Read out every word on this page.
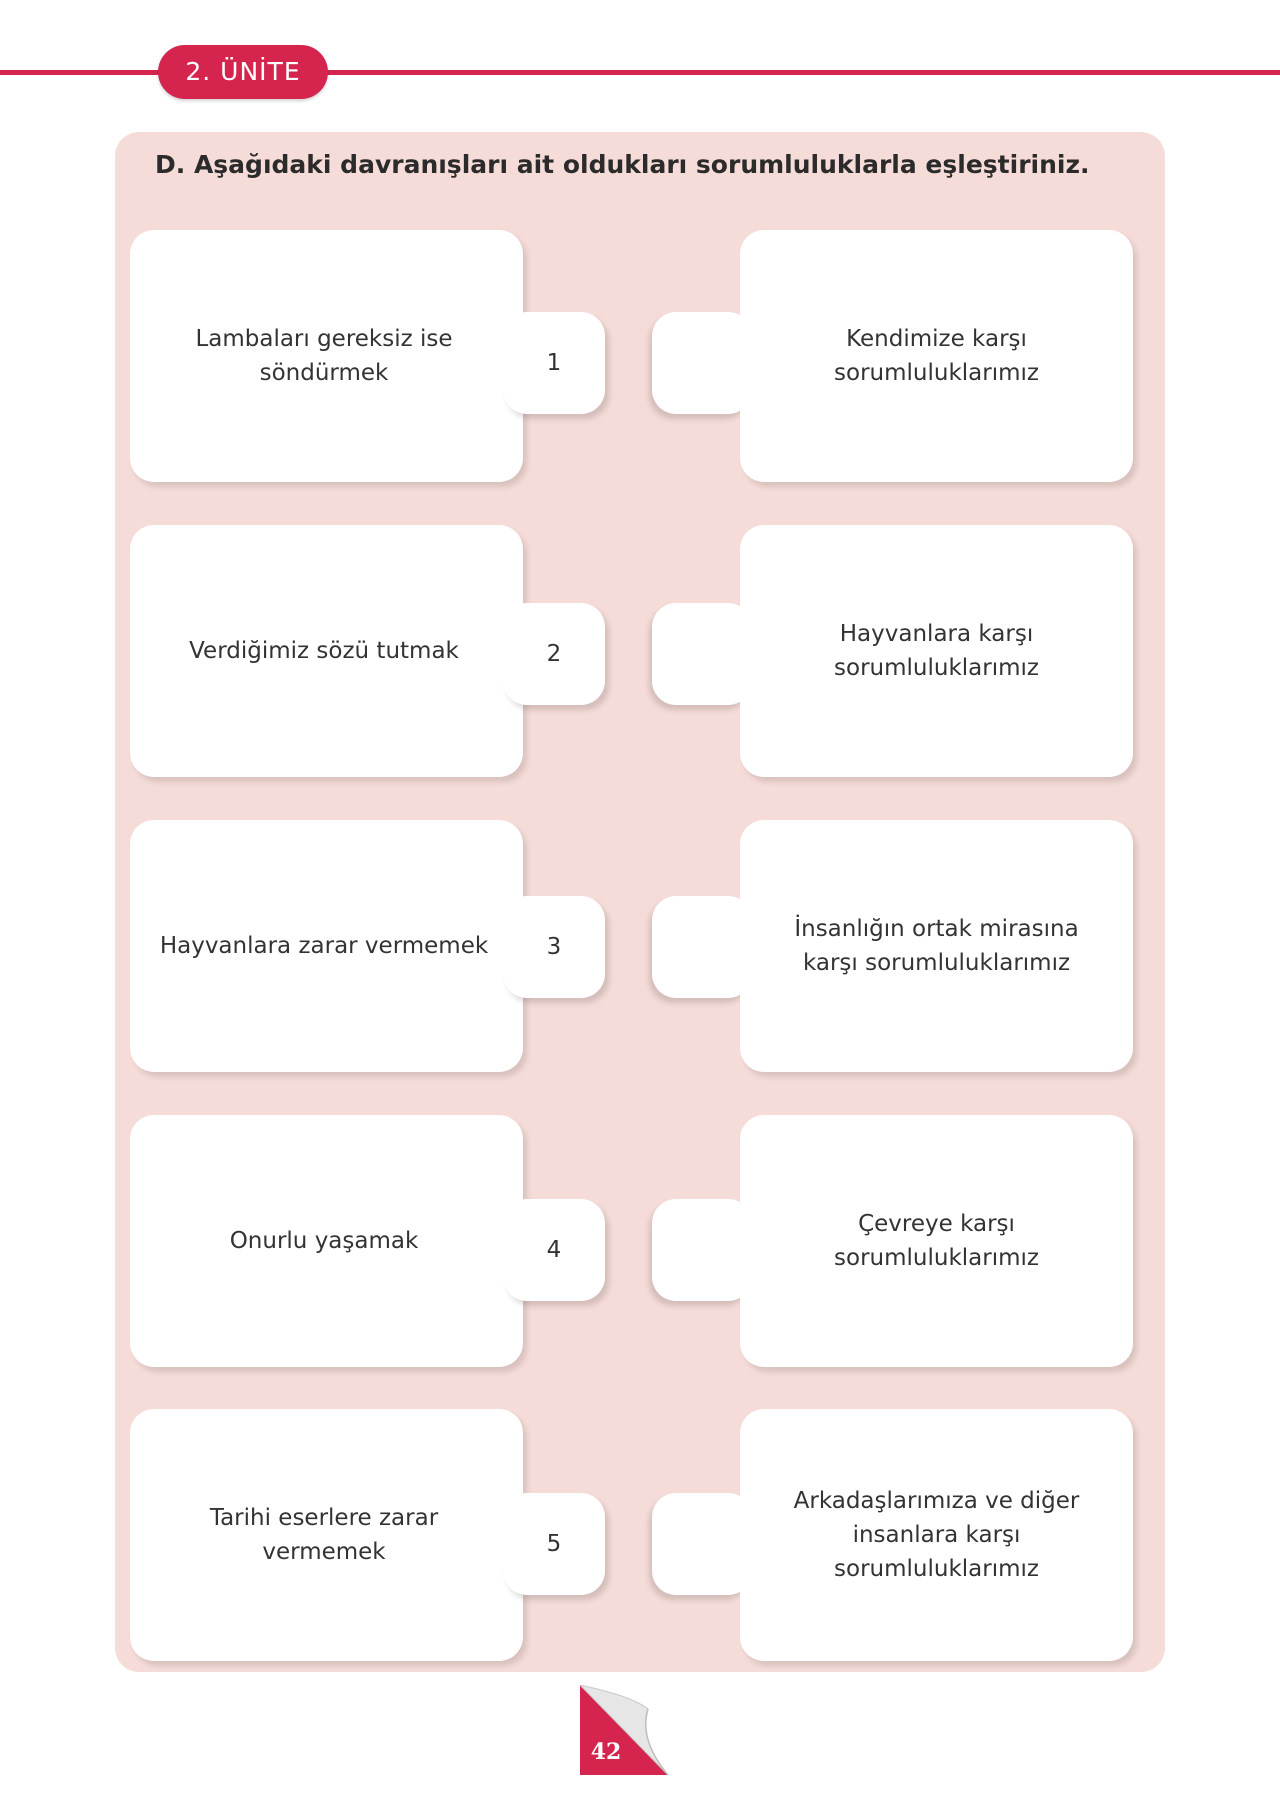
2. ÜNİTE
D. Aşağıdaki davranışları ait oldukları sorumluluklarla eşleştiriniz.
Lambaları gereksiz ise söndürmek	1
Kendimize karşı sorumluluklarımız
Verdiğimiz sözü tutmak	2
Hayvanlara karşı sorumluluklarımız
Hayvanlara zarar vermemek	3
İnsanlığın ortak mirasına karşı sorumluluklarımız
Onurlu yaşamak	4
Çevreye karşı sorumluluklarımız
Tarihi eserlere zarar vermemek	5
Arkadaşlarımıza ve diğer insanlara karşı sorumluluklarımız
42
